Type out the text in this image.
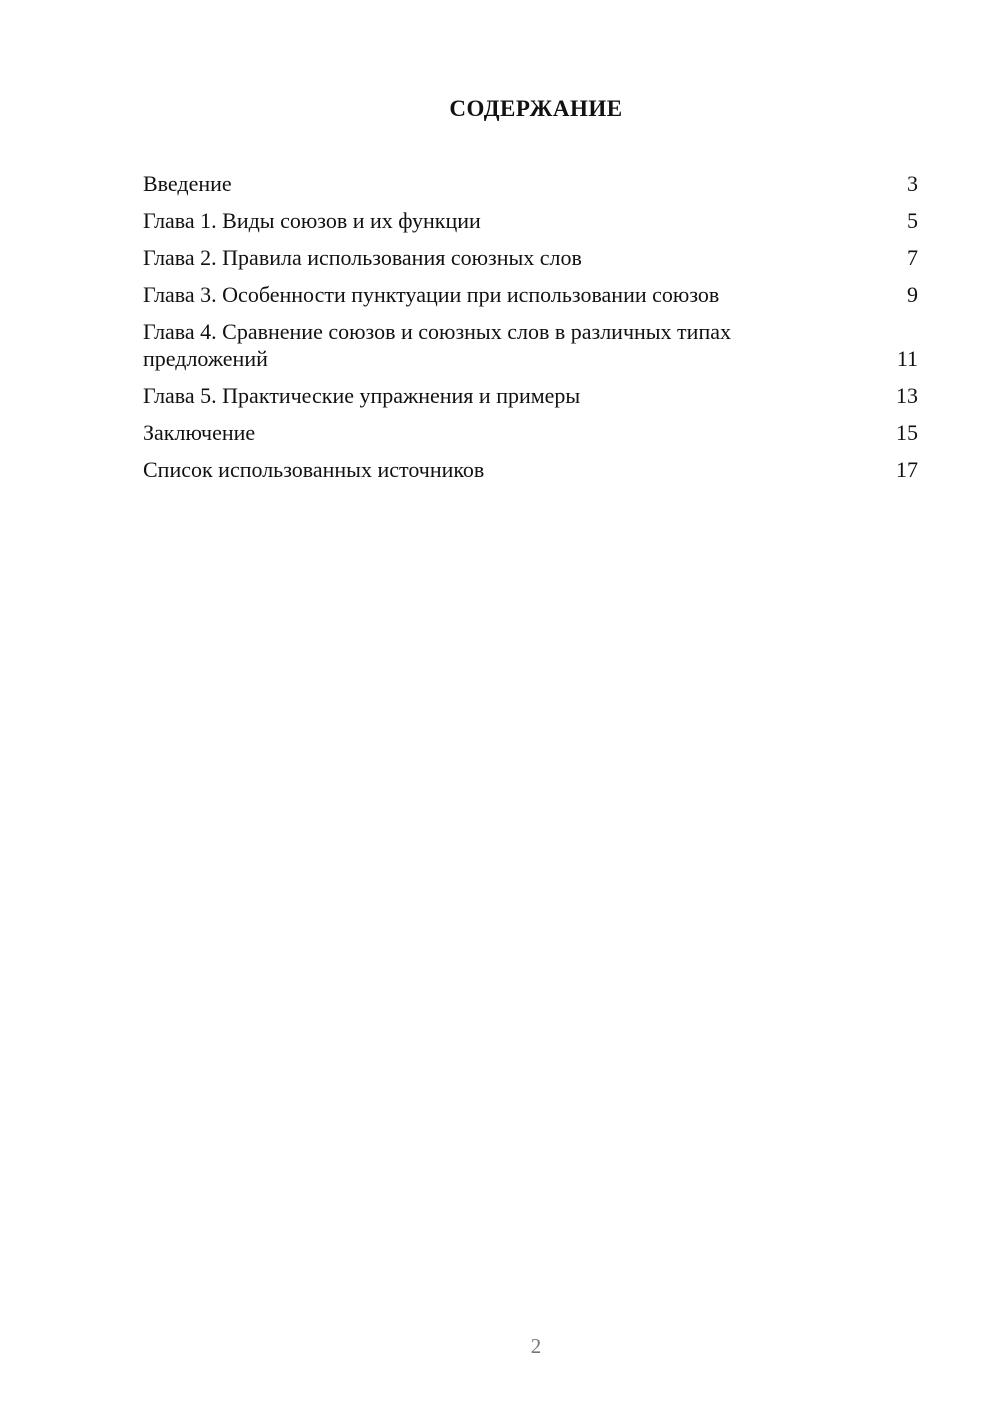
СОДЕРЖАНИЕ
Введение	3
Глава 1. Виды союзов и их функции	5
Глава 2. Правила использования союзных слов	7
Глава 3. Особенности пунктуации при использовании союзов	9
Глава 4. Сравнение союзов и союзных слов в различных типах предложений	11
Глава 5. Практические упражнения и примеры	13
Заключение	15
Список использованных источников	17
2
